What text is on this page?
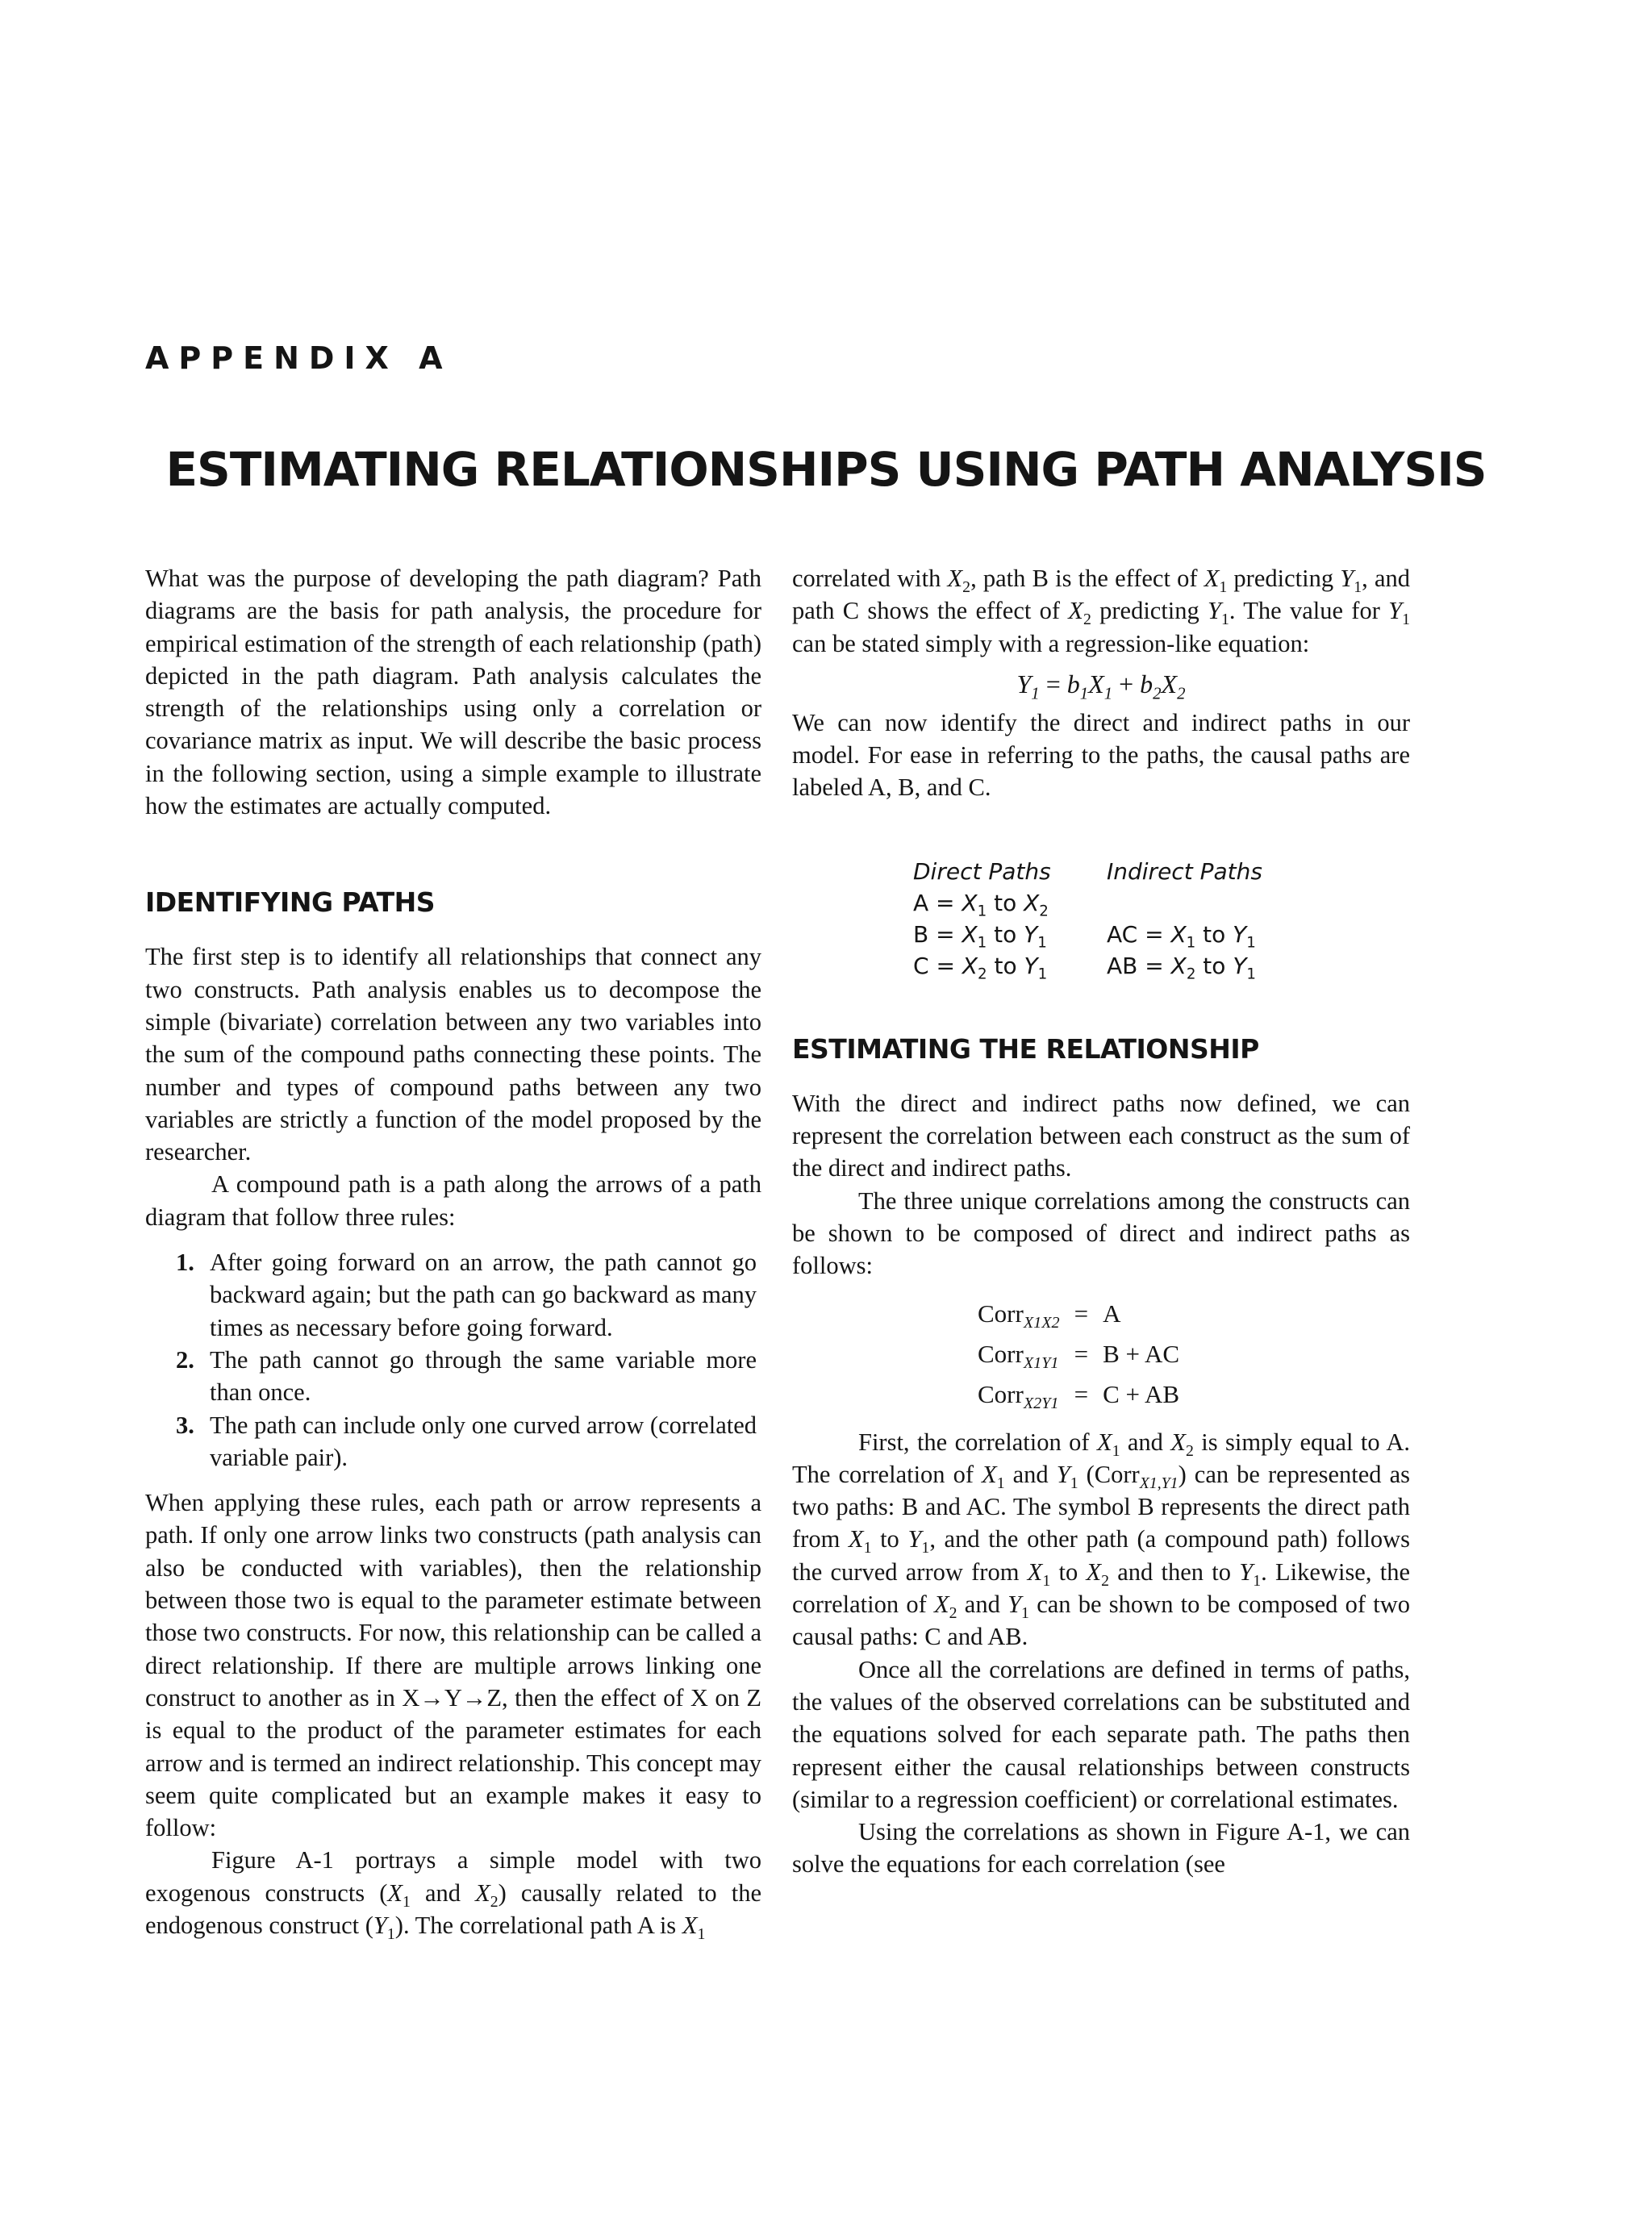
APPENDIX A
ESTIMATING RELATIONSHIPS USING PATH ANALYSIS

What was the purpose of developing the path diagram? Path diagrams are the basis for path analysis, the procedure for empirical estimation of the strength of each relationship (path) depicted in the path diagram. Path analysis calculates the strength of the relationships using only a correlation or covariance matrix as input. We will describe the basic process in the following section, using a simple example to illustrate how the estimates are actually computed.

IDENTIFYING PATHS

The first step is to identify all relationships that connect any two constructs. Path analysis enables us to decompose the simple (bivariate) correlation between any two variables into the sum of the compound paths connecting these points. The number and types of compound paths between any two variables are strictly a function of the model proposed by the researcher.

A compound path is a path along the arrows of a path diagram that follow three rules:

1. After going forward on an arrow, the path cannot go backward again; but the path can go backward as many times as necessary before going forward.
2. The path cannot go through the same variable more than once.
3. The path can include only one curved arrow (correlated variable pair).

When applying these rules, each path or arrow represents a path. If only one arrow links two constructs (path analysis can also be conducted with variables), then the relationship between those two is equal to the parameter estimate between those two constructs. For now, this relationship can be called a direct relationship. If there are multiple arrows linking one construct to another as in X→Y→Z, then the effect of X on Z is equal to the product of the parameter estimates for each arrow and is termed an indirect relationship. This concept may seem quite complicated but an example makes it easy to follow:

Figure A-1 portrays a simple model with two exogenous constructs ($X_1$ and $X_2$) causally related to the endogenous construct $(Y_1)$. The correlational path A is $X_1$

correlated with $X_2$, path B is the effect of $X_1$ predicting $Y_1$, and path C shows the effect of $X_2$ predicting $Y_1$. The value for $Y_1$ can be stated simply with a regression-like equation:

$Y_1 = b_1X_1 + b_2X_2$

We can now identify the direct and indirect paths in our model. For ease in referring to the paths, the causal paths are labeled A, B, and C.

Direct Paths	Indirect Paths
$A = X_1$ to $X_2$	
$B = X_1$ to $Y_1$	AC = $X_1$ to $Y_1$
$C = X_2$ to $Y_1$	AB = $X_2$ to $Y_1$
ESTIMATING THE RELATIONSHIP

With the direct and indirect paths now defined, we can represent the correlation between each construct as the sum of the direct and indirect paths.

The three unique correlations among the constructs can be shown to be composed of direct and indirect paths as follows:

Corr$_{X1X2}$	=	A
Corr$_{X1Y1}$	=	B + AC
Corr$_{X2Y1}$	=	C + AB

First, the correlation of $X_1$ and $X_2$ is simply equal to A. The correlation of $X_1$ and $Y_1$ (Corr$_{X1,Y1}$) can be represented as two paths: B and AC. The symbol B represents the direct path from $X_1$ to $Y_1$, and the other path (a compound path) follows the curved arrow from $X_1$ to $X_2$ and then to $Y_1$. Likewise, the correlation of $X_2$ and $Y_1$ can be shown to be composed of two causal paths: C and AB.

Once all the correlations are defined in terms of paths, the values of the observed correlations can be substituted and the equations solved for each separate path. The paths then represent either the causal relationships between constructs (similar to a regression coefficient) or correlational estimates.

Using the correlations as shown in Figure A-1, we can solve the equations for each correlation (see
